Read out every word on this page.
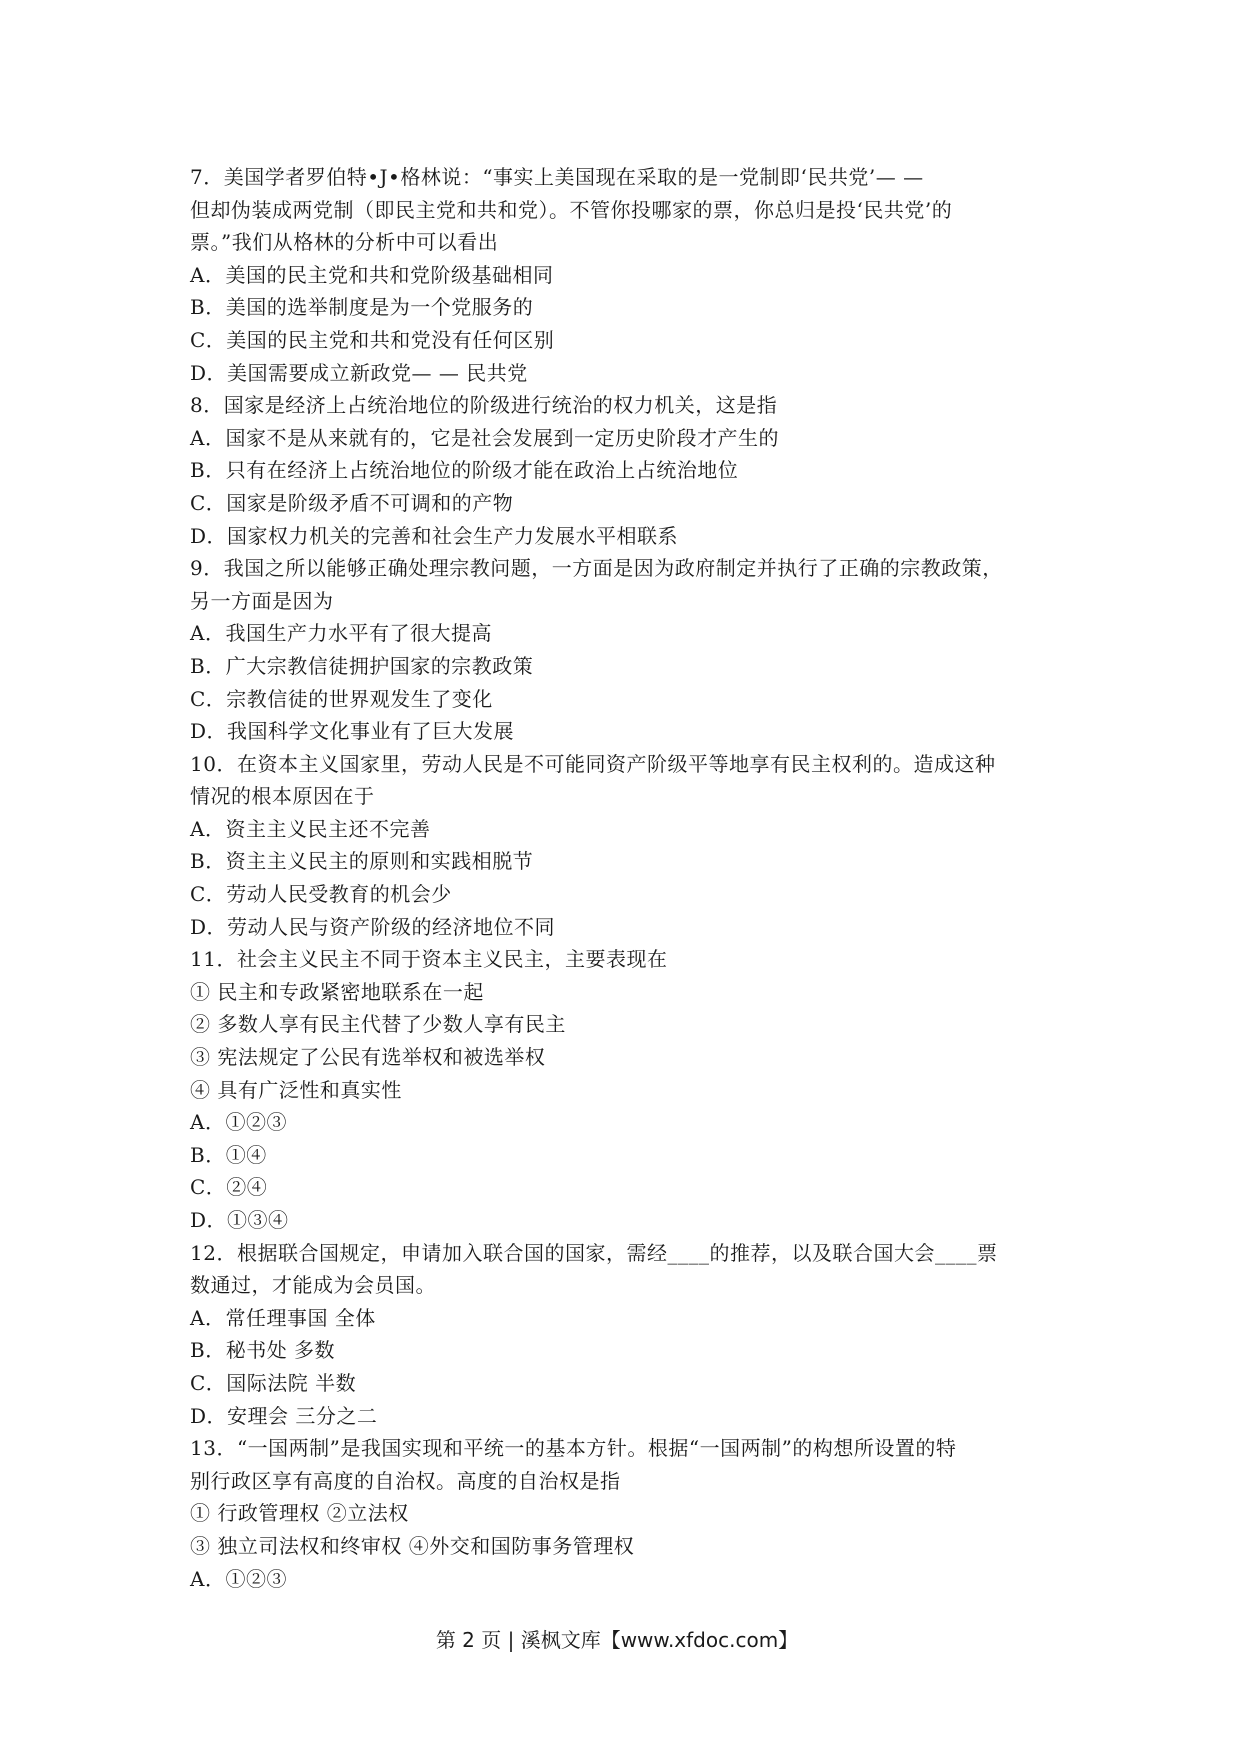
7．美国学者罗伯特•J•格林说：“事实上美国现在采取的是一党制即‘民共党’— —
但却伪装成两党制（即民主党和共和党）。不管你投哪家的票，你总归是投‘民共党’的
票。”我们从格林的分析中可以看出
A．美国的民主党和共和党阶级基础相同
B．美国的选举制度是为一个党服务的
C．美国的民主党和共和党没有任何区别
D．美国需要成立新政党— — 民共党
8．国家是经济上占统治地位的阶级进行统治的权力机关，这是指
A．国家不是从来就有的，它是社会发展到一定历史阶段才产生的
B．只有在经济上占统治地位的阶级才能在政治上占统治地位
C．国家是阶级矛盾不可调和的产物
D．国家权力机关的完善和社会生产力发展水平相联系
9．我国之所以能够正确处理宗教问题，一方面是因为政府制定并执行了正确的宗教政策，
另一方面是因为
A．我国生产力水平有了很大提高
B．广大宗教信徒拥护国家的宗教政策
C．宗教信徒的世界观发生了变化
D．我国科学文化事业有了巨大发展
10．在资本主义国家里，劳动人民是不可能同资产阶级平等地享有民主权利的。造成这种
情况的根本原因在于
A．资主主义民主还不完善
B．资主主义民主的原则和实践相脱节
C．劳动人民受教育的机会少
D．劳动人民与资产阶级的经济地位不同
11．社会主义民主不同于资本主义民主，主要表现在
① 民主和专政紧密地联系在一起
② 多数人享有民主代替了少数人享有民主
③ 宪法规定了公民有选举权和被选举权
④ 具有广泛性和真实性
A．①②③
B．①④
C．②④
D．①③④
12．根据联合国规定，申请加入联合国的国家，需经____的推荐，以及联合国大会____票
数通过，才能成为会员国。
A．常任理事国 全体
B．秘书处 多数
C．国际法院 半数
D．安理会 三分之二
13．“一国两制”是我国实现和平统一的基本方针。根据“一国两制”的构想所设置的特
别行政区享有高度的自治权。高度的自治权是指
① 行政管理权 ②立法权
③ 独立司法权和终审权 ④外交和国防事务管理权
A．①②③
第 2 页 | 溪枫文库【www.xfdoc.com】
